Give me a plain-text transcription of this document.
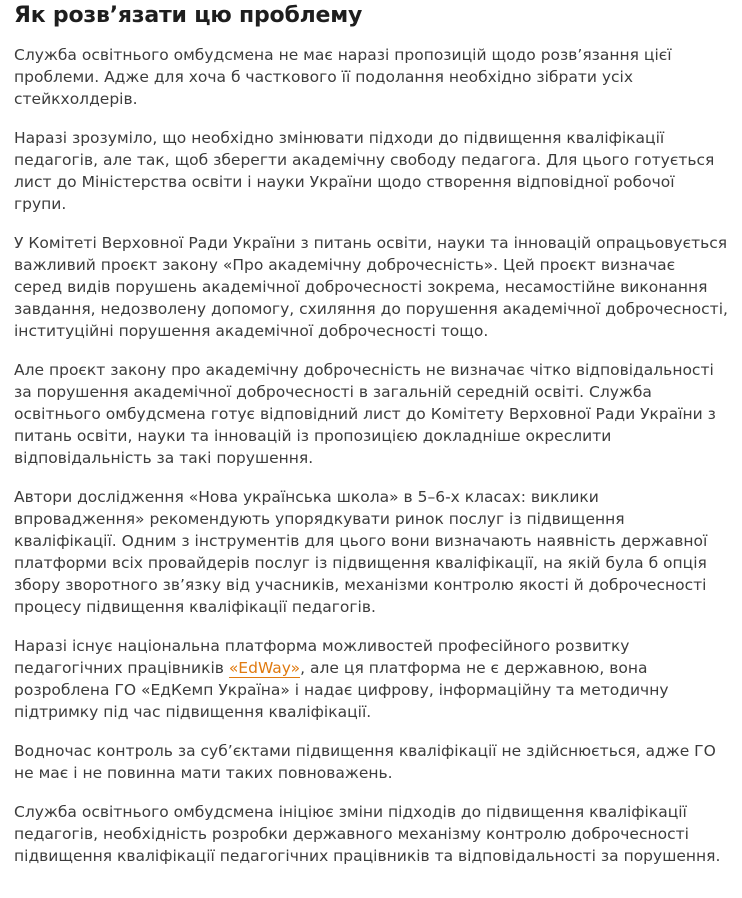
Як розв’язати цю проблему

Служба освітнього омбудсмена не має наразі пропозицій щодо розв’язання цієї проблеми. Адже для хоча б часткового її подолання необхідно зібрати усіх стейкхолдерів.

Наразі зрозуміло, що необхідно змінювати підходи до підвищення кваліфікації педагогів, але так, щоб зберегти академічну свободу педагога. Для цього готується лист до Міністерства освіти і науки України щодо створення відповідної робочої групи.

У Комітеті Верховної Ради України з питань освіти, науки та інновацій опрацьовується важливий проєкт закону «Про академічну доброчесність». Цей проєкт визначає серед видів порушень академічної доброчесності зокрема, несамостійне виконання завдання, недозволену допомогу, схиляння до порушення академічної доброчесності, інституційні порушення академічної доброчесності тощо.

Але проєкт закону про академічну доброчесність не визначає чітко відповідальності за порушення академічної доброчесності в загальній середній освіті. Служба освітнього омбудсмена готує відповідний лист до Комітету Верховної Ради України з питань освіти, науки та інновацій із пропозицією докладніше окреслити відповідальність за такі порушення.

Автори дослідження «Нова українська школа» в 5–6-х класах: виклики впровадження» рекомендують упорядкувати ринок послуг із підвищення кваліфікації. Одним з інструментів для цього вони визначають наявність державної платформи всіх провайдерів послуг із підвищення кваліфікації, на якій була б опція збору зворотного зв’язку від учасників, механізми контролю якості й доброчесності процесу підвищення кваліфікації педагогів.

Наразі існує національна платформа можливостей професійного розвитку педагогічних працівників «EdWay», але ця платформа не є державною, вона розроблена ГО «ЕдКемп Україна» і надає цифрову, інформаційну та методичну підтримку під час підвищення кваліфікації.

Водночас контроль за суб’єктами підвищення кваліфікації не здійснюється, адже ГО не має і не повинна мати таких повноважень.

Служба освітнього омбудсмена ініціює зміни підходів до підвищення кваліфікації педагогів, необхідність розробки державного механізму контролю доброчесності підвищення кваліфікації педагогічних працівників та відповідальності за порушення.
